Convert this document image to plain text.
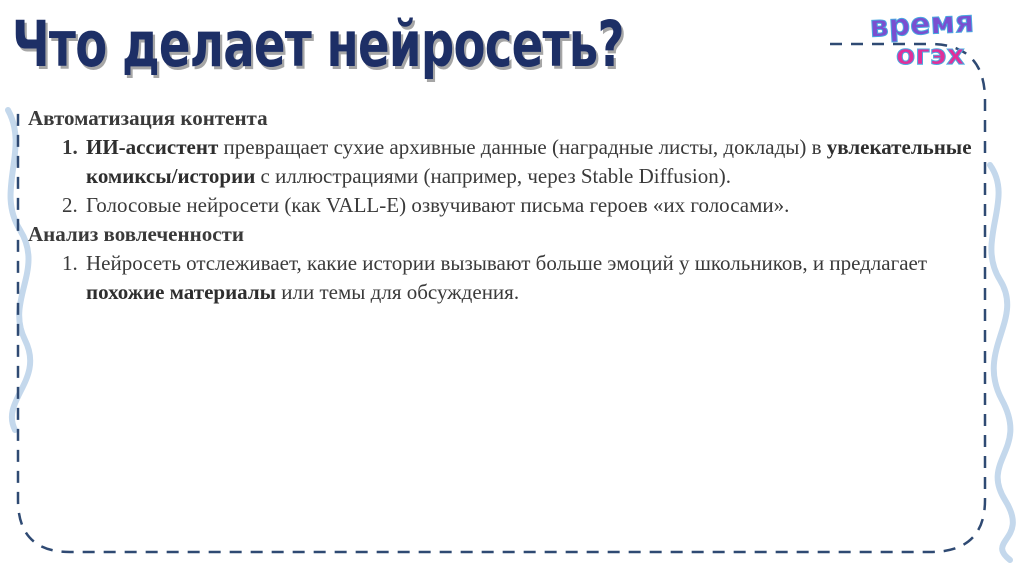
Что делает нейросеть?	время
огэх

Автоматизация контента

1. ИИ-ассистент превращает сухие архивные данные (наградные листы, доклады) в увлекательные комиксы/истории с иллюстрациями (например, через Stable Diffusion).
2. Голосовые нейросети (как VALL-E) озвучивают письма героев «их голосами».

Анализ вовлеченности

1. Нейросеть отслеживает, какие истории вызывают больше эмоций у школьников, и предлагает похожие материалы или темы для обсуждения.
